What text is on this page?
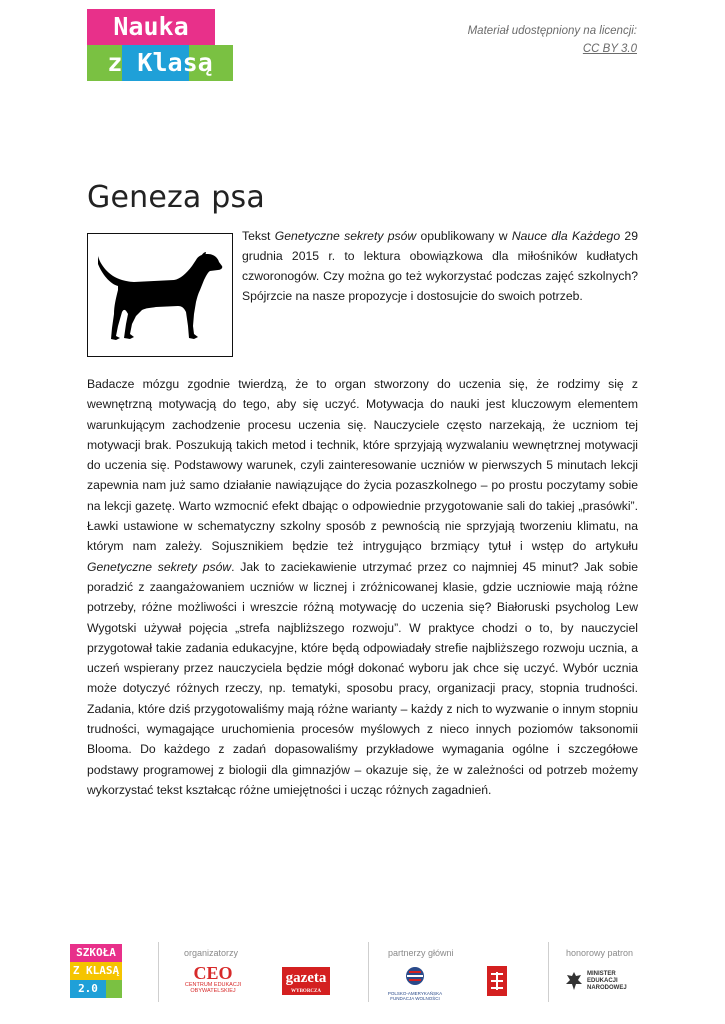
Nauka
z Klasą 2.0
Materiał udostępniony na licencji:
CC BY 3.0
Geneza psa

Tekst Genetyczne sekrety psów opublikowany w Nauce dla Każdego 29 grudnia 2015 r. to lektura obowiązkowa dla miłośników kudłatych czworonogów. Czy można go też wykorzystać podczas zajęć szkolnych? Spójrzcie na nasze propozycje i dostosujcie do swoich potrzeb.

Badacze mózgu zgodnie twierdzą, że to organ stworzony do uczenia się, że rodzimy się z wewnętrzną motywacją do tego, aby się uczyć. Motywacja do nauki jest kluczowym elementem warunkującym zachodzenie procesu uczenia się. Nauczyciele często narzekają, że uczniom tej motywacji brak. Poszukują takich metod i technik, które sprzyjają wyzwalaniu wewnętrznej motywacji do uczenia się. Podstawowy warunek, czyli zainteresowanie uczniów w pierwszych 5 minutach lekcji zapewnia nam już samo działanie nawiązujące do życia pozaszkolnego – po prostu poczytamy sobie na lekcji gazetę. Warto wzmocnić efekt dbając o odpowiednie przygotowanie sali do takiej „prasówki”. Ławki ustawione w schematyczny szkolny sposób z pewnością nie sprzyjają tworzeniu klimatu, na którym nam zależy. Sojusznikiem będzie też intrygująco brzmiący tytuł i wstęp do artykułu Genetyczne sekrety psów. Jak to zaciekawienie utrzymać przez co najmniej 45 minut? Jak sobie poradzić z zaangażowaniem uczniów w licznej i zróżnicowanej klasie, gdzie uczniowie mają różne potrzeby, różne możliwości i wreszcie różną motywację do uczenia się? Białoruski psycholog Lew Wygotski używał pojęcia „strefa najbliższego rozwoju”. W praktyce chodzi o to, by nauczyciel przygotował takie zadania edukacyjne, które będą odpowiadały strefie najbliższego rozwoju ucznia, a uczeń wspierany przez nauczyciela będzie mógł dokonać wyboru jak chce się uczyć. Wybór ucznia może dotyczyć różnych rzeczy, np. tematyki, sposobu pracy, organizacji pracy, stopnia trudności. Zadania, które dziś przygotowaliśmy mają różne warianty – każdy z nich to wyzwanie o innym stopniu trudności, wymagające uruchomienia procesów myślowych z nieco innych poziomów taksonomii Blooma. Do każdego z zadań dopasowaliśmy przykładowe wymagania ogólne i szczegółowe podstawy programowej z biologii dla gimnazjów – okazuje się, że w zależności od potrzeb możemy wykorzystać tekst kształcąc różne umiejętności i ucząc różnych zagadnień.

SZKOŁA
Z KLASĄ
2.0
organizatorzy
CEO
CENTRUM EDUKACJI OBYWATELSKIEJ
gazeta
WYBORCZA
partnerzy główni
POLSKO-AMERYKAŃSKA FUNDACJA WOLNOŚCI
honorowy patron
MINISTER
EDUKACJI
NARODOWEJ
